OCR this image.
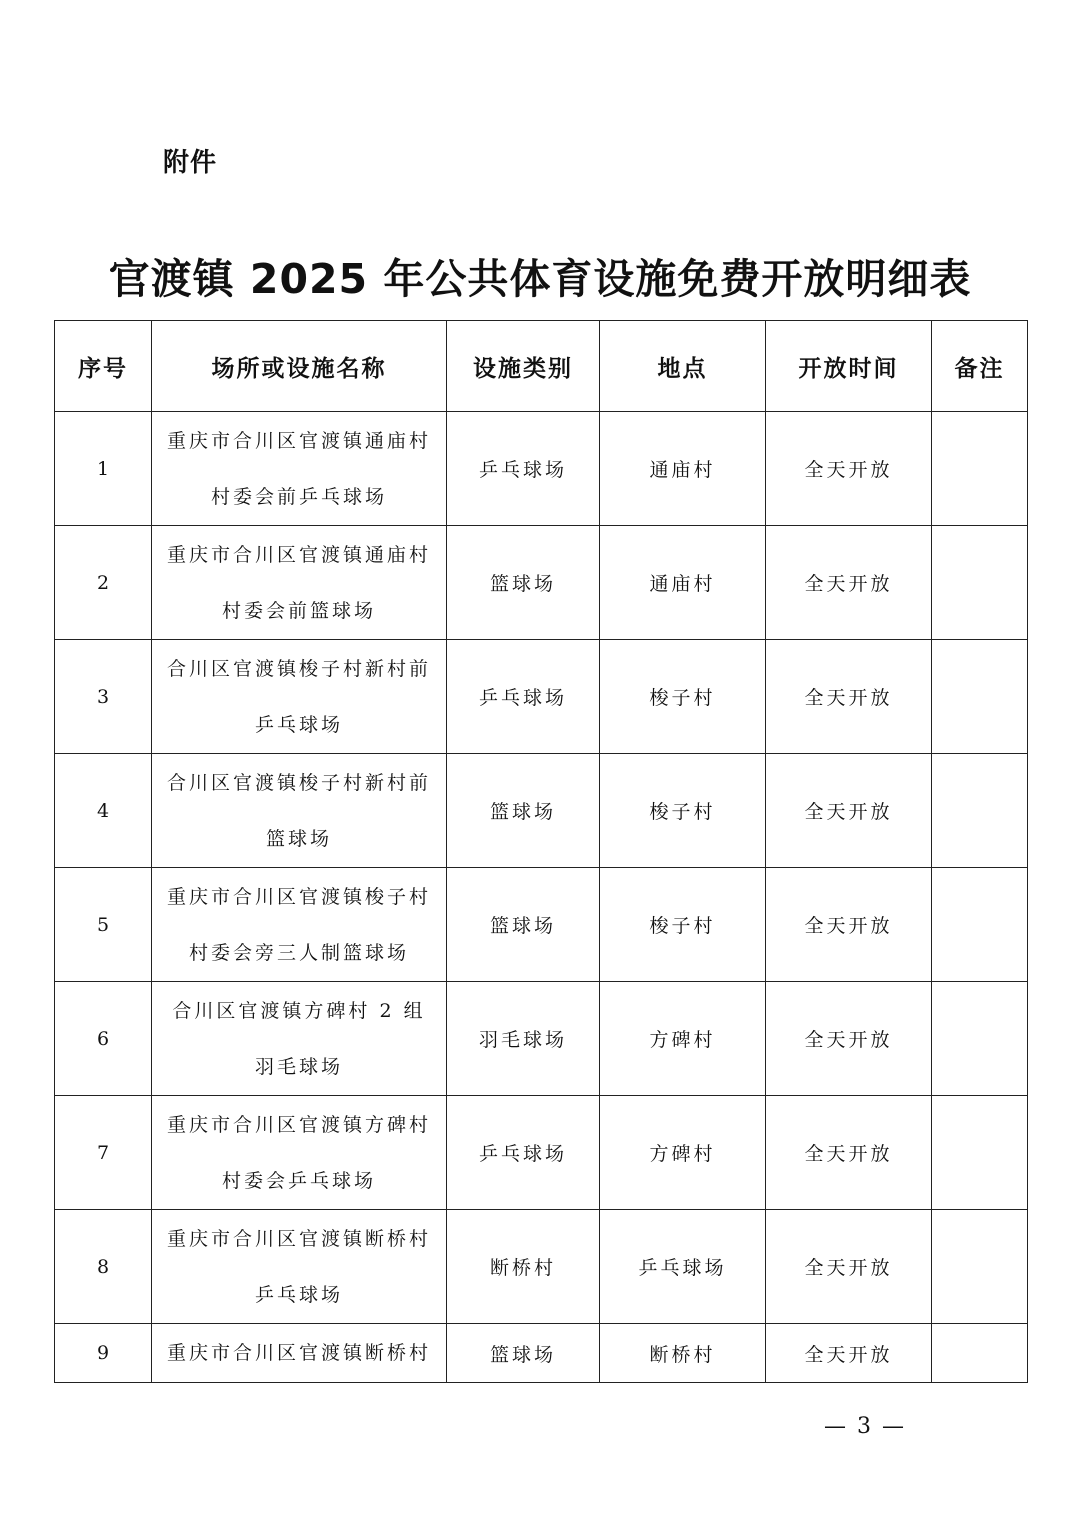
附件
官渡镇 2025 年公共体育设施免费开放明细表
序号	场所或设施名称	设施类别	地点	开放时间	备注
1	重庆市合川区官渡镇通庙村村委会前乒乓球场	乒乓球场	通庙村	全天开放	
2	重庆市合川区官渡镇通庙村村委会前篮球场	篮球场	通庙村	全天开放	
3	合川区官渡镇梭子村新村前乒乓球场	乒乓球场	梭子村	全天开放	
4	合川区官渡镇梭子村新村前篮球场	篮球场	梭子村	全天开放	
5	重庆市合川区官渡镇梭子村村委会旁三人制篮球场	篮球场	梭子村	全天开放	
6	合川区官渡镇方碑村 2 组羽毛球场	羽毛球场	方碑村	全天开放	
7	重庆市合川区官渡镇方碑村村委会乒乓球场	乒乓球场	方碑村	全天开放	
8	重庆市合川区官渡镇断桥村乒乓球场	断桥村	乒乓球场	全天开放	
9	重庆市合川区官渡镇断桥村	篮球场	断桥村	全天开放	
— 3 —
